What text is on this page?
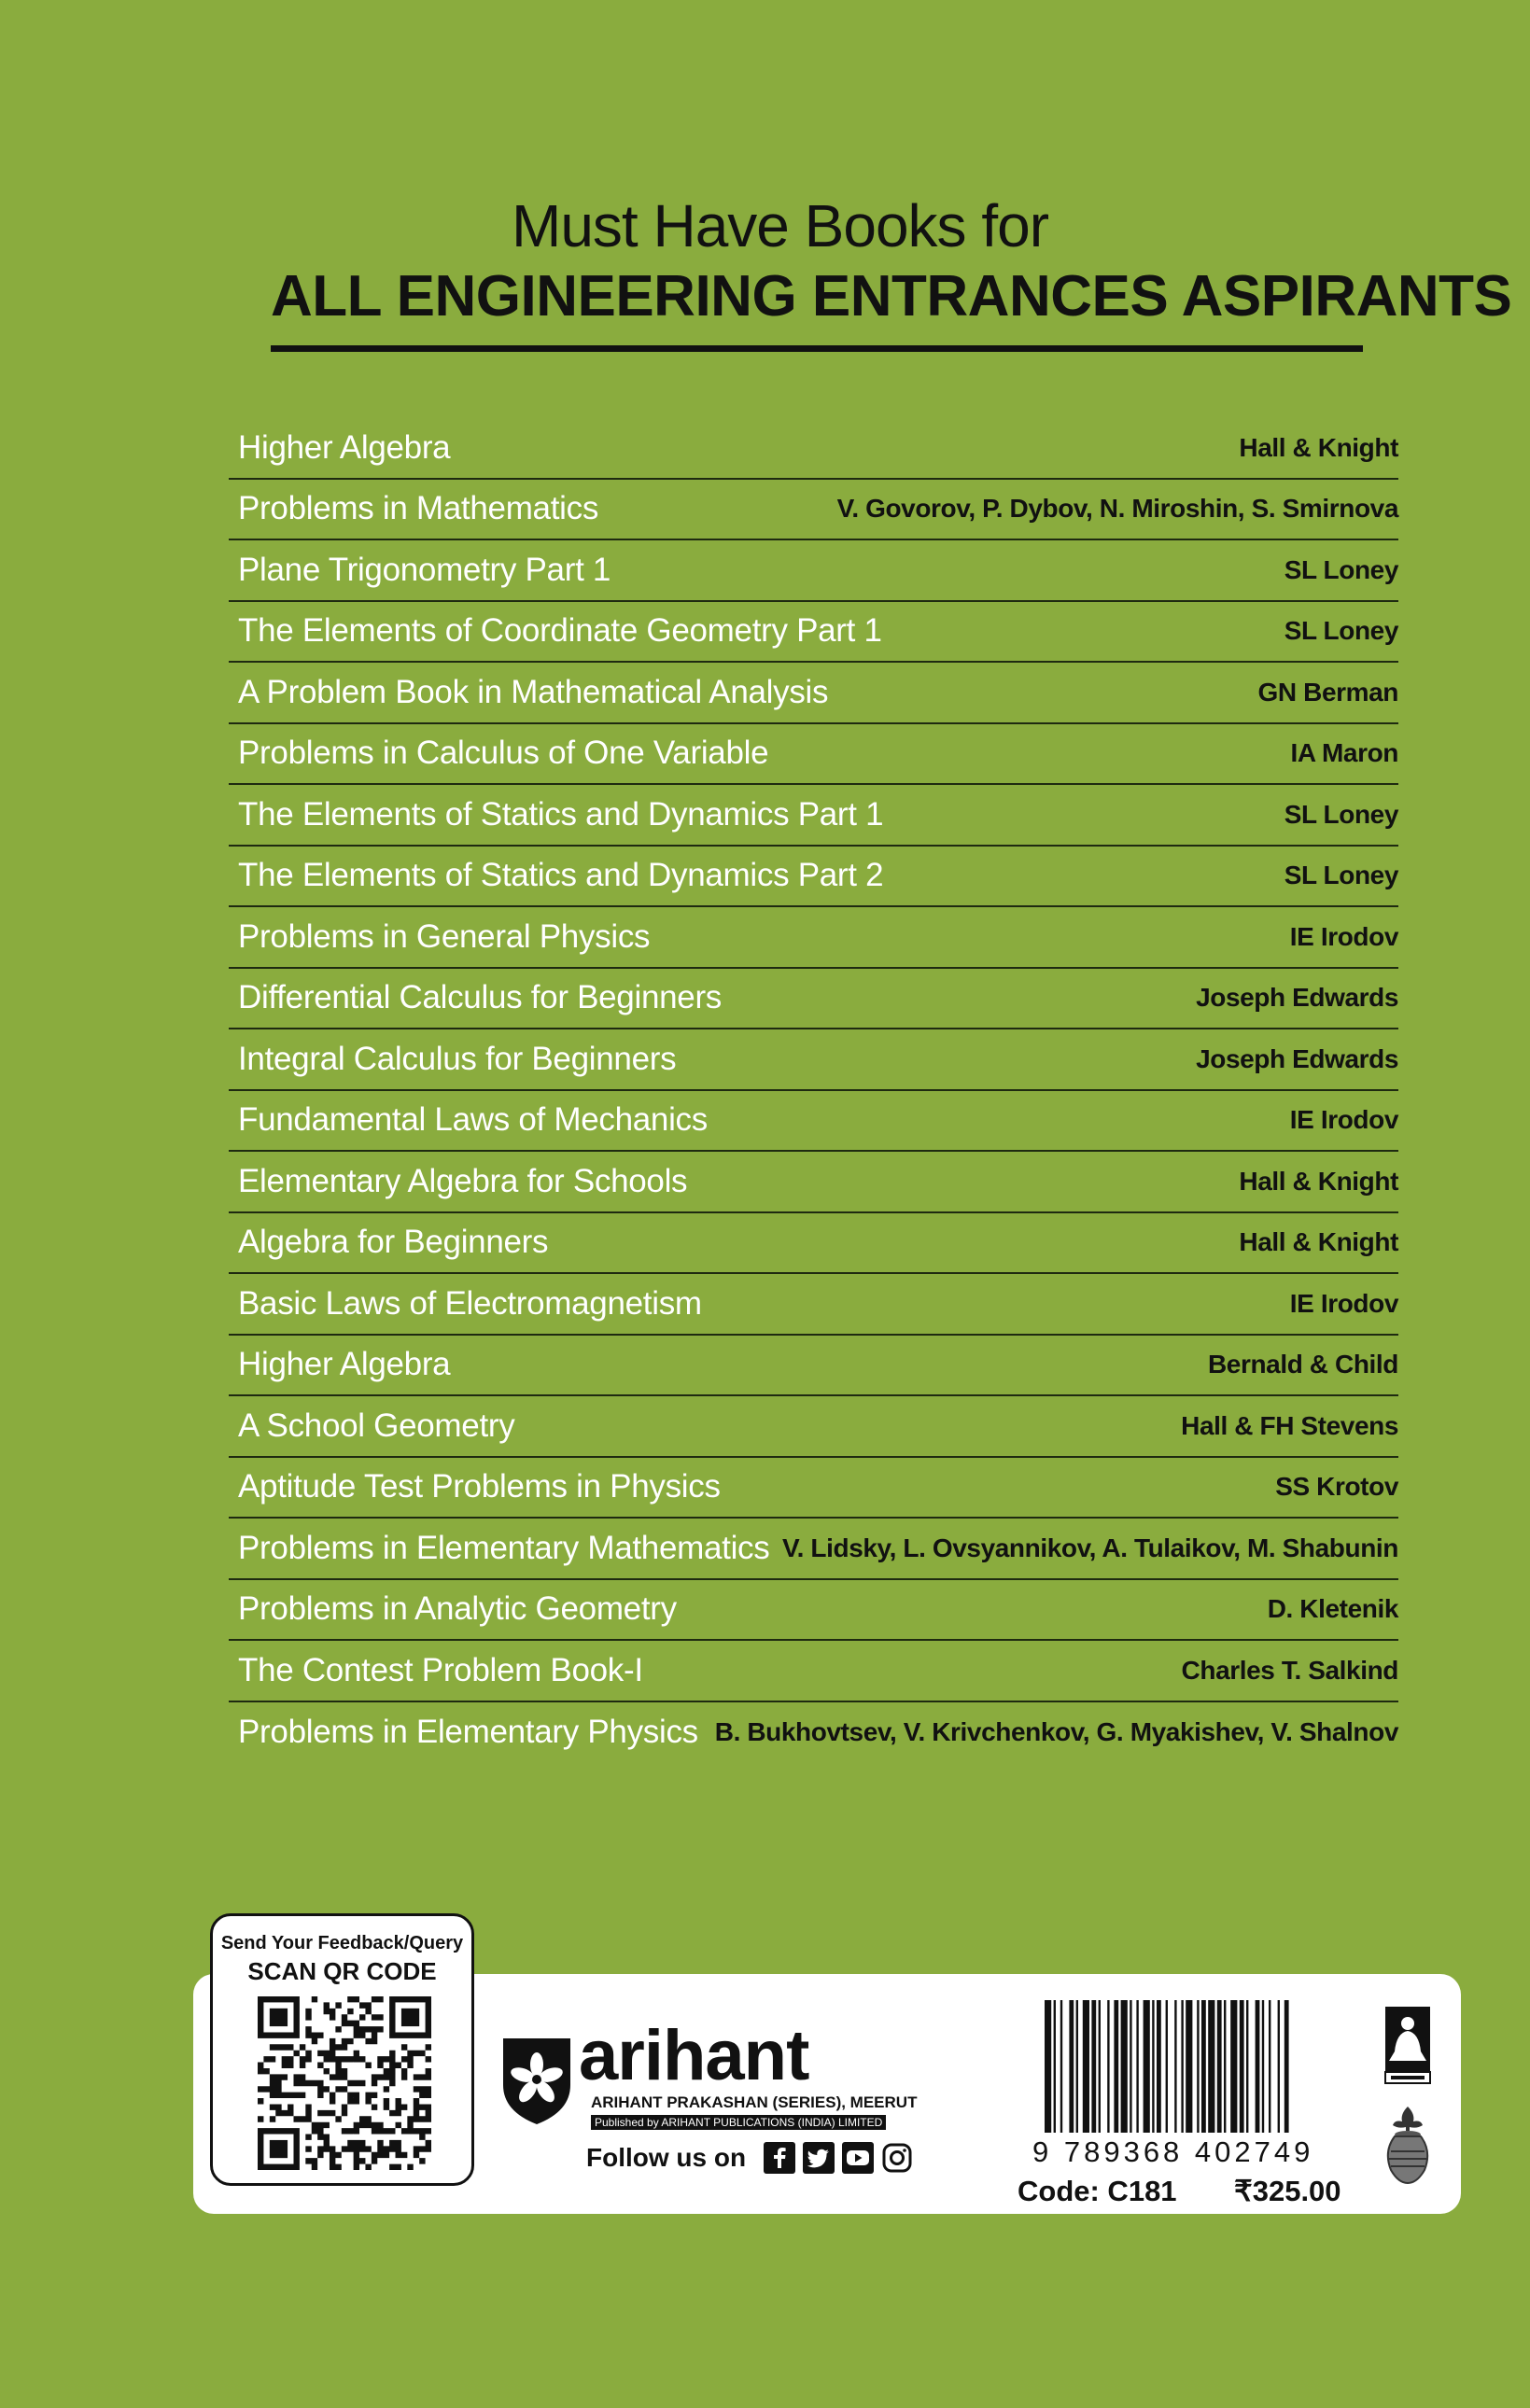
Must Have Books for
ALL ENGINEERING ENTRANCES ASPIRANTS
Higher Algebra	Hall & Knight
Problems in Mathematics	V. Govorov, P. Dybov, N. Miroshin, S. Smirnova
Plane Trigonometry Part 1	SL Loney
The Elements of Coordinate Geometry Part 1	SL Loney
A Problem Book in Mathematical Analysis	GN Berman
Problems in Calculus of One Variable	IA Maron
The Elements of Statics and Dynamics Part 1	SL Loney
The Elements of Statics and Dynamics Part 2	SL Loney
Problems in General Physics	IE Irodov
Differential Calculus for Beginners	Joseph Edwards
Integral Calculus for Beginners	Joseph Edwards
Fundamental Laws of Mechanics	IE Irodov
Elementary Algebra for Schools	Hall & Knight
Algebra for Beginners	Hall & Knight
Basic Laws of Electromagnetism	IE Irodov
Higher Algebra	Bernald & Child
A School Geometry	Hall & FH Stevens
Aptitude Test Problems in Physics	SS Krotov
Problems in Elementary Mathematics V. Lidsky, L. Ovsyannikov, A. Tulaikov, M. Shabunin
Problems in Analytic Geometry	D. Kletenik
The Contest Problem Book-I	Charles T. Salkind
Problems in Elementary Physics B. Bukhovtsev, V. Krivchenkov, G. Myakishev, V. Shalnov
Send Your Feedback/Query
SCAN QR CODE
arihant
ARIHANT PRAKASHAN (SERIES), MEERUT
Published by ARIHANT PUBLICATIONS (INDIA) LIMITED
Follow us on	9 789368 402749
Code: C181 ₹325.00
